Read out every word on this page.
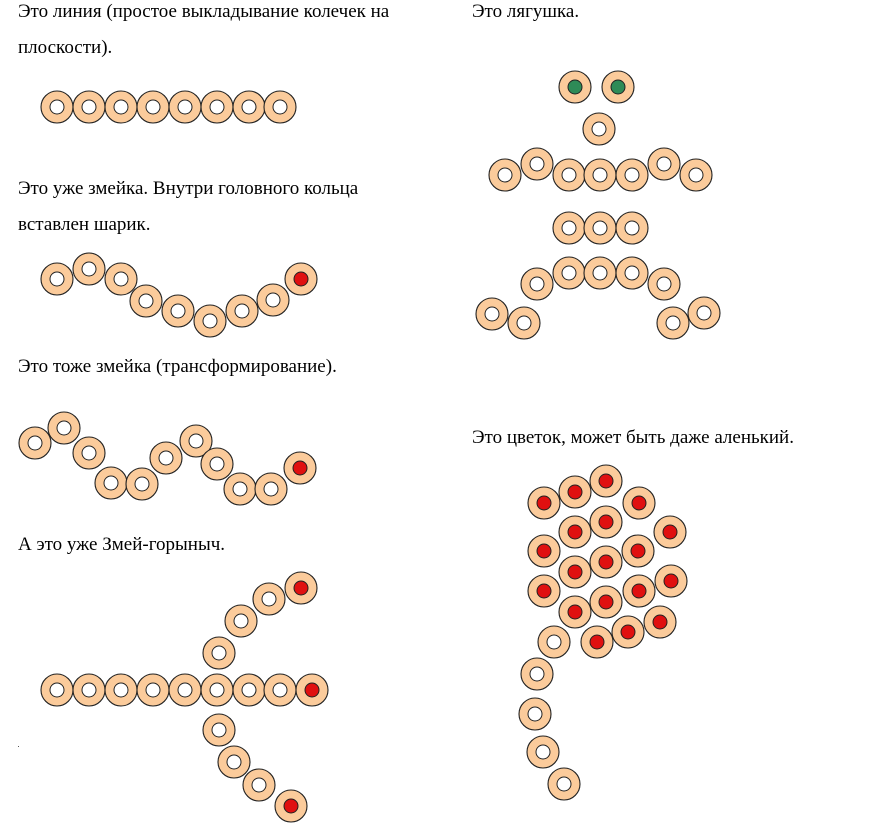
Это линия (простое выкладывание колечек на плоскости).

Это уже змейка. Внутри головного кольца вставлен шарик.

Это тоже змейка (трансформирование).

А это уже Змей-горыныч.

Это лягушка.

Это цветок, может быть даже аленький.
